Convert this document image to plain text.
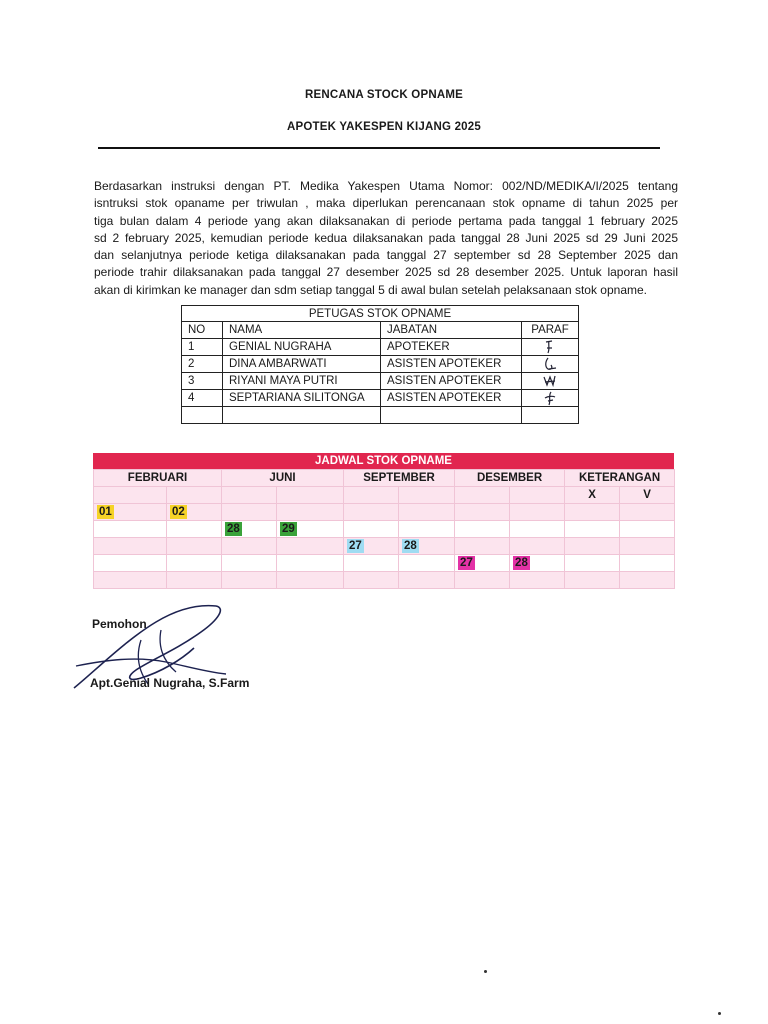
RENCANA STOCK OPNAME
APOTEK YAKESPEN KIJANG 2025
Berdasarkan instruksi dengan PT. Medika Yakespen Utama Nomor: 002/ND/MEDIKA/I/2025 tentang
isntruksi stok opaname per triwulan , maka diperlukan perencanaan stok opname di tahun 2025 per
tiga bulan dalam 4 periode yang akan dilaksanakan di periode pertama pada tanggal 1 february 2025
sd 2 february 2025, kemudian periode kedua dilaksanakan pada tanggal 28 Juni 2025 sd 29 Juni 2025
dan selanjutnya periode ketiga dilaksanakan pada tanggal 27 september sd 28 September 2025 dan
periode trahir dilaksanakan pada tanggal 27 desember 2025 sd 28 desember 2025. Untuk laporan hasil
akan di kirimkan ke manager dan sdm setiap tanggal 5 di awal bulan setelah pelaksanaan stok opname.
PETUGAS STOK OPNAME			
NO	NAMA	JABATAN	PARAF
1	GENIAL NUGRAHA	APOTEKER	

2	DINA AMBARWATI	ASISTEN APOTEKER	

3	RIYANI MAYA PUTRI	ASISTEN APOTEKER	

4	SEPTARIANA SILITONGA	ASISTEN APOTEKER	

JADWAL STOK OPNAME
FEBRUARI		JUNI		SEPTEMBER		DESEMBER		KETERANGAN	
								X	V
01	02								
		28	29						
				27	28				
						27	28		

Pemohon
Apt.Genial Nugraha, S.Farm
